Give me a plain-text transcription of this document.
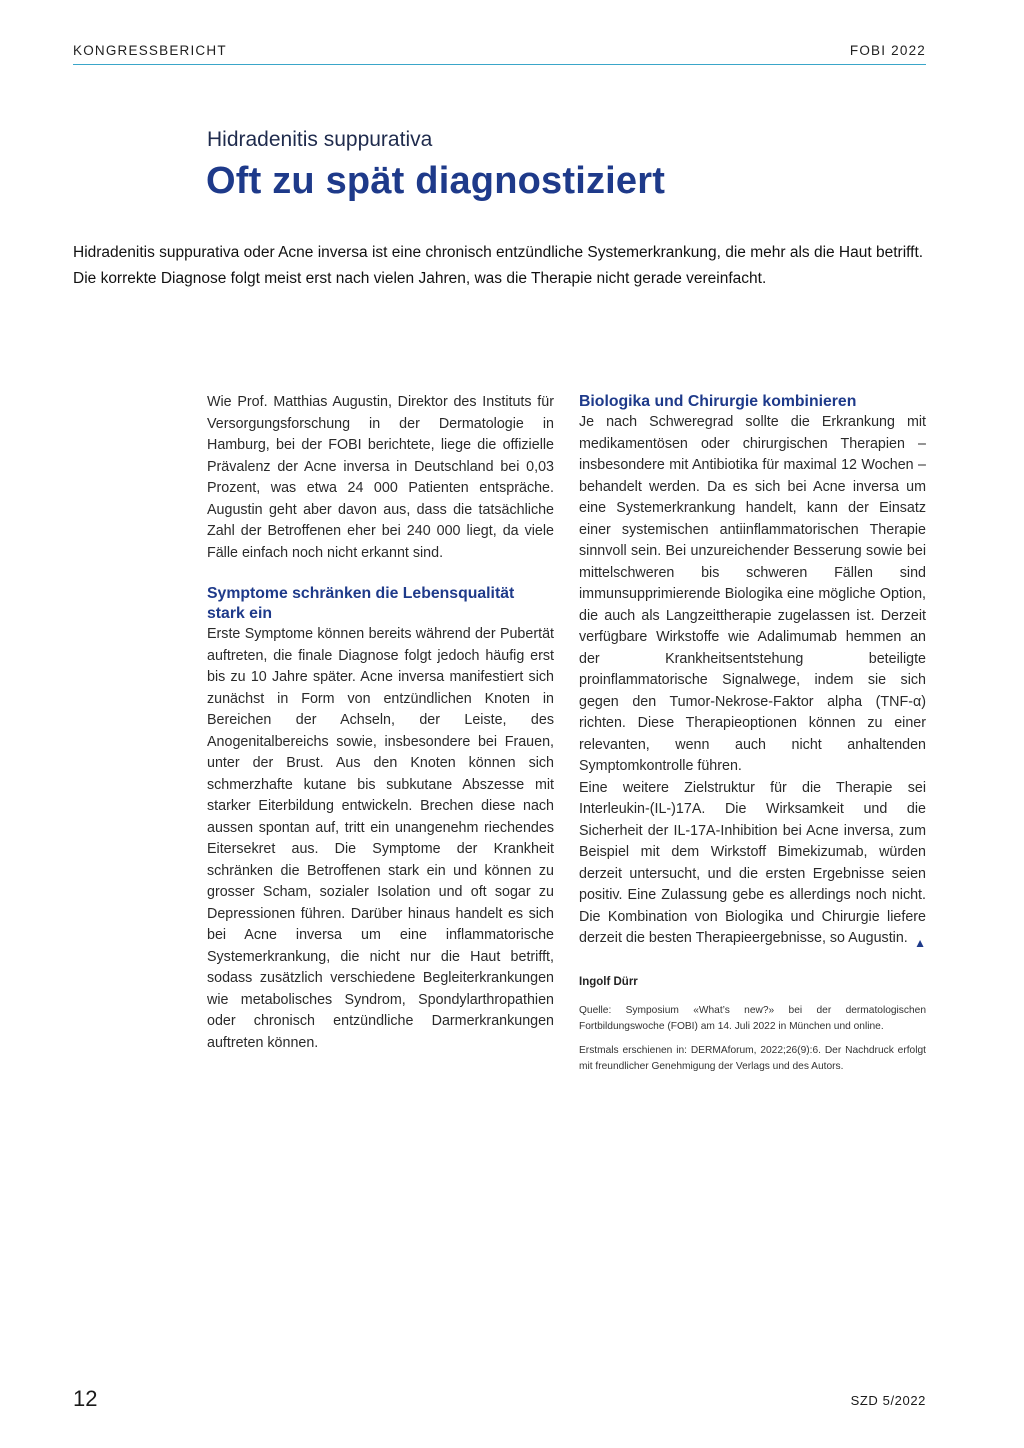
KONGRESSBERICHT	FOBI 2022
Hidradenitis suppurativa
Oft zu spät diagnostiziert
Hidradenitis suppurativa oder Acne inversa ist eine chronisch entzündliche Systemerkrankung, die mehr als die Haut betrifft. Die korrekte Diagnose folgt meist erst nach vielen Jahren, was die Therapie nicht gerade vereinfacht.

Wie Prof. Matthias Augustin, Direktor des Instituts für Versorgungsforschung in der Dermatologie in Hamburg, bei der FOBI berichtete, liege die offizielle Prävalenz der Acne inversa in Deutschland bei 0,03 Prozent, was etwa 24 000 Patienten entspräche. Augustin geht aber davon aus, dass die tatsächliche Zahl der Betroffenen eher bei 240 000 liegt, da viele Fälle einfach noch nicht erkannt sind.

Symptome schränken die Lebensqualität stark ein

Erste Symptome können bereits während der Pubertät auftreten, die finale Diagnose folgt jedoch häufig erst bis zu 10 Jahre später. Acne inversa manifestiert sich zunächst in Form von entzündlichen Knoten in Bereichen der Achseln, der Leiste, des Anogenitalbereichs sowie, insbesondere bei Frauen, unter der Brust. Aus den Knoten können sich schmerzhafte kutane bis subkutane Abszesse mit starker Eiterbildung entwickeln. Brechen diese nach aussen spontan auf, tritt ein unangenehm riechendes Eitersekret aus. Die Symptome der Krankheit schränken die Betroffenen stark ein und können zu grosser Scham, sozialer Isolation und oft sogar zu Depressionen führen. Darüber hinaus handelt es sich bei Acne inversa um eine inflammatorische Systemerkrankung, die nicht nur die Haut betrifft, sodass zusätzlich verschiedene Begleiterkrankungen wie metabolisches Syndrom, Spondylarthropathien oder chronisch entzündliche Darmerkrankungen auftreten können.

Biologika und Chirurgie kombinieren

Je nach Schweregrad sollte die Erkrankung mit medikamentösen oder chirurgischen Therapien – insbesondere mit Antibiotika für maximal 12 Wochen – behandelt werden. Da es sich bei Acne inversa um eine Systemerkrankung handelt, kann der Einsatz einer systemischen antiinflammatorischen Therapie sinnvoll sein. Bei unzureichender Besserung sowie bei mittelschweren bis schweren Fällen sind immunsupprimierende Biologika eine mögliche Option, die auch als Langzeittherapie zugelassen ist. Derzeit verfügbare Wirkstoffe wie Adalimumab hemmen an der Krankheitsentstehung beteiligte proinflammatorische Signalwege, indem sie sich gegen den Tumor-Nekrose-Faktor alpha (TNF-α) richten. Diese Therapieoptionen können zu einer relevanten, wenn auch nicht anhaltenden Symptomkontrolle führen.

Eine weitere Zielstruktur für die Therapie sei Interleukin-(IL-)17A. Die Wirksamkeit und die Sicherheit der IL-17A-Inhibition bei Acne inversa, zum Beispiel mit dem Wirkstoff Bimekizumab, würden derzeit untersucht, und die ersten Ergebnisse seien positiv. Eine Zulassung gebe es allerdings noch nicht. Die Kombination von Biologika und Chirurgie liefere derzeit die besten Therapieergebnisse, so Augustin. ▲

Ingolf Dürr
Quelle: Symposium «What’s new?» bei der dermatologischen Fortbildungswoche (FOBI) am 14. Juli 2022 in München und online.
Erstmals erschienen in: DERMAforum, 2022;26(9):6. Der Nachdruck erfolgt mit freundlicher Genehmigung der Verlags und des Autors.
12	SZD 5/2022
